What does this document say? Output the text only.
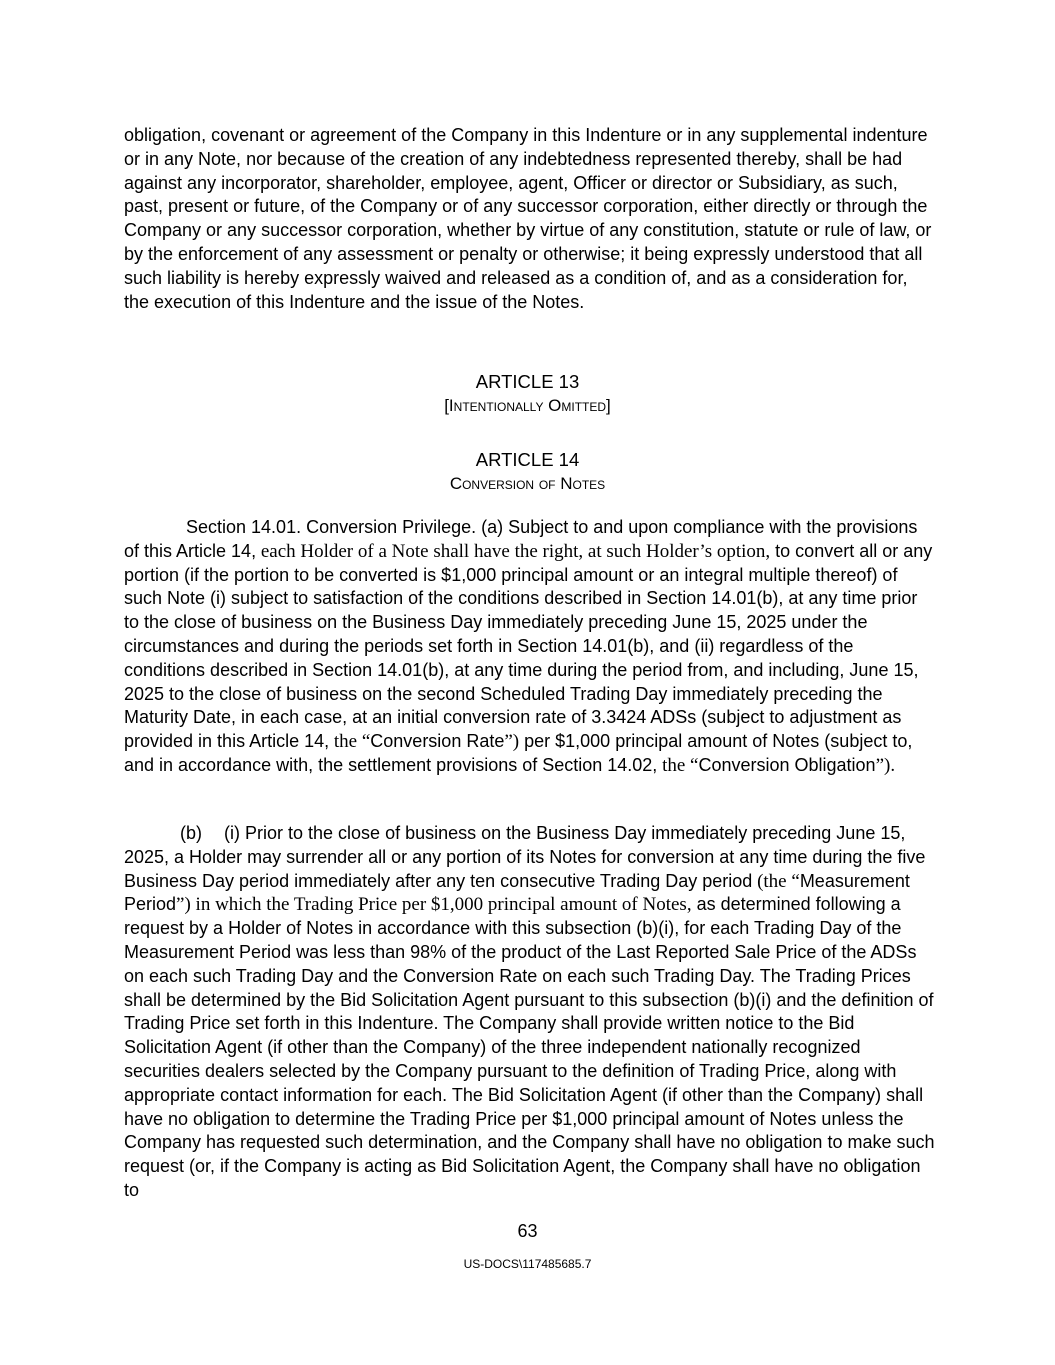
obligation, covenant or agreement of the Company in this Indenture or in any supplemental indenture or in any Note, nor because of the creation of any indebtedness represented thereby, shall be had against any incorporator, shareholder, employee, agent, Officer or director or Subsidiary, as such, past, present or future, of the Company or of any successor corporation, either directly or through the Company or any successor corporation, whether by virtue of any constitution, statute or rule of law, or by the enforcement of any assessment or penalty or otherwise; it being expressly understood that all such liability is hereby expressly waived and released as a condition of, and as a consideration for, the execution of this Indenture and the issue of the Notes.

ARTICLE 13
[Intentionally Omitted]
ARTICLE 14
Conversion of Notes

Section 14.01. Conversion Privilege. (a) Subject to and upon compliance with the provisions of this Article 14, each Holder of a Note shall have the right, at such Holder’s option, to convert all or any portion (if the portion to be converted is $1,000 principal amount or an integral multiple thereof) of such Note (i) subject to satisfaction of the conditions described in Section 14.01(b), at any time prior to the close of business on the Business Day immediately preceding June 15, 2025 under the circumstances and during the periods set forth in Section 14.01(b), and (ii) regardless of the conditions described in Section 14.01(b), at any time during the period from, and including, June 15, 2025 to the close of business on the second Scheduled Trading Day immediately preceding the Maturity Date, in each case, at an initial conversion rate of 3.3424 ADSs (subject to adjustment as provided in this Article 14, the “Conversion Rate”) per $1,000 principal amount of Notes (subject to, and in accordance with, the settlement provisions of Section 14.02, the “Conversion Obligation”).

(b) (i) Prior to the close of business on the Business Day immediately preceding June 15, 2025, a Holder may surrender all or any portion of its Notes for conversion at any time during the five Business Day period immediately after any ten consecutive Trading Day period (the “Measurement Period”) in which the Trading Price per $1,000 principal amount of Notes, as determined following a request by a Holder of Notes in accordance with this subsection (b)(i), for each Trading Day of the Measurement Period was less than 98% of the product of the Last Reported Sale Price of the ADSs on each such Trading Day and the Conversion Rate on each such Trading Day. The Trading Prices shall be determined by the Bid Solicitation Agent pursuant to this subsection (b)(i) and the definition of Trading Price set forth in this Indenture. The Company shall provide written notice to the Bid Solicitation Agent (if other than the Company) of the three independent nationally recognized securities dealers selected by the Company pursuant to the definition of Trading Price, along with appropriate contact information for each. The Bid Solicitation Agent (if other than the Company) shall have no obligation to determine the Trading Price per $1,000 principal amount of Notes unless the Company has requested such determination, and the Company shall have no obligation to make such request (or, if the Company is acting as Bid Solicitation Agent, the Company shall have no obligation to

63
US-DOCS\117485685.7
